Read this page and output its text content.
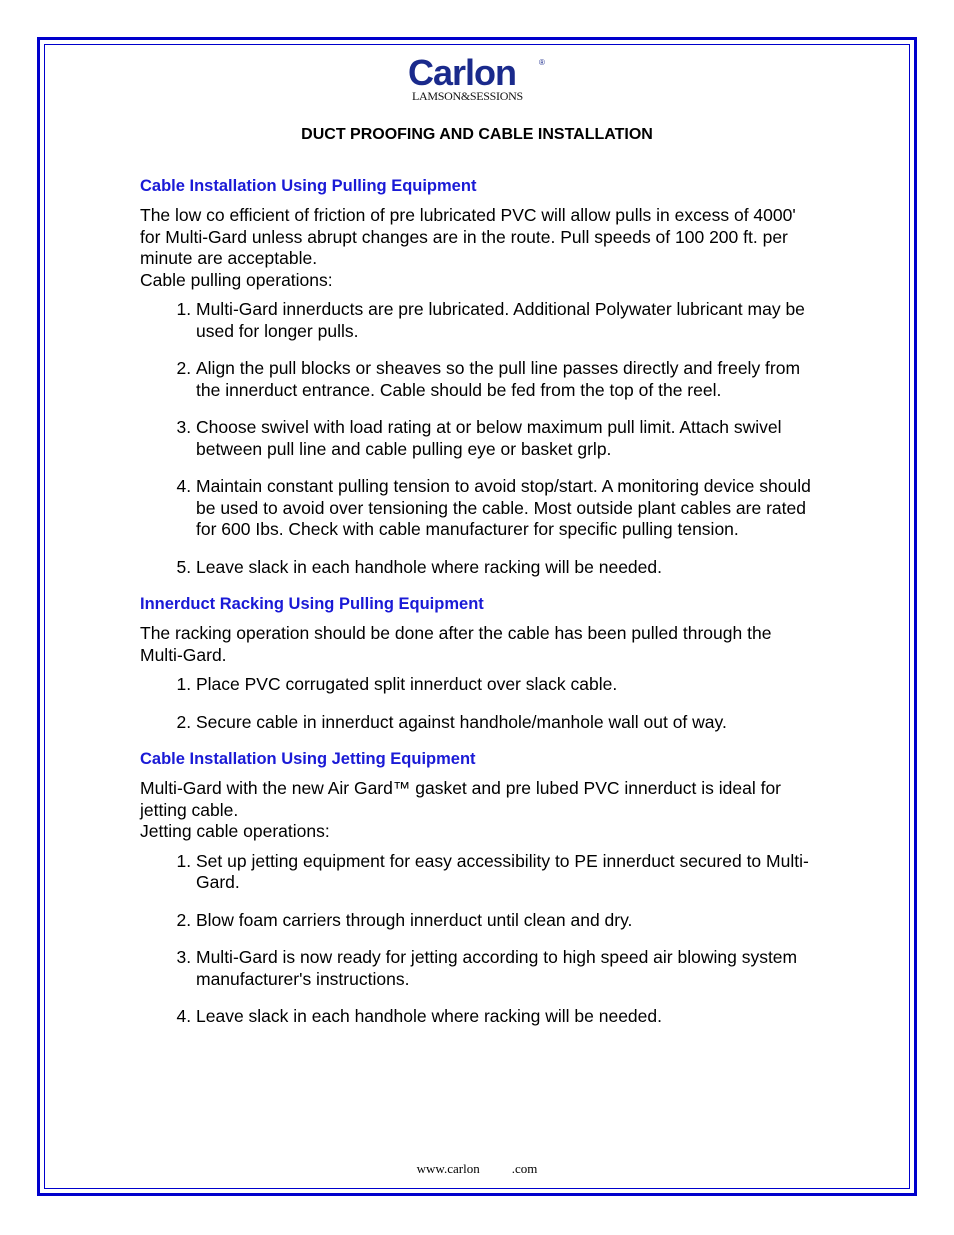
Carlon	®
LAMSON&SESSIONS
DUCT PROOFING AND CABLE INSTALLATION
Cable Installation Using Pulling Equipment

The low co efficient of friction of pre lubricated PVC will allow pulls in excess of 4000' for Multi-Gard unless abrupt changes are in the route. Pull speeds of 100 200 ft. per minute are acceptable.

Cable pulling operations:

1. Multi-Gard innerducts are pre lubricated. Additional Polywater lubricant may be used for longer pulls.
2. Align the pull blocks or sheaves so the pull line passes directly and freely from the innerduct entrance. Cable should be fed from the top of the reel.
3. Choose swivel with load rating at or below maximum pull limit. Attach swivel between pull line and cable pulling eye or basket grlp.
4. Maintain constant pulling tension to avoid stop/start. A monitoring device should be used to avoid over tensioning the cable. Most outside plant cables are rated for 600 Ibs. Check with cable manufacturer for specific pulling tension.
5. Leave slack in each handhole where racking will be needed.
Innerduct Racking Using Pulling Equipment

The racking operation should be done after the cable has been pulled through the Multi-Gard.

1. Place PVC corrugated split innerduct over slack cable.
2. Secure cable in innerduct against handhole/manhole wall out of way.
Cable Installation Using Jetting Equipment

Multi-Gard with the new Air Gard™ gasket and pre lubed PVC innerduct is ideal for jetting cable.

Jetting cable operations:

1. Set up jetting equipment for easy accessibility to PE innerduct secured to Multi-Gard.
2. Blow foam carriers through innerduct until clean and dry.
3. Multi-Gard is now ready for jetting according to high speed air blowing system manufacturer's instructions.
4. Leave slack in each handhole where racking will be needed.
www.carlon .com
